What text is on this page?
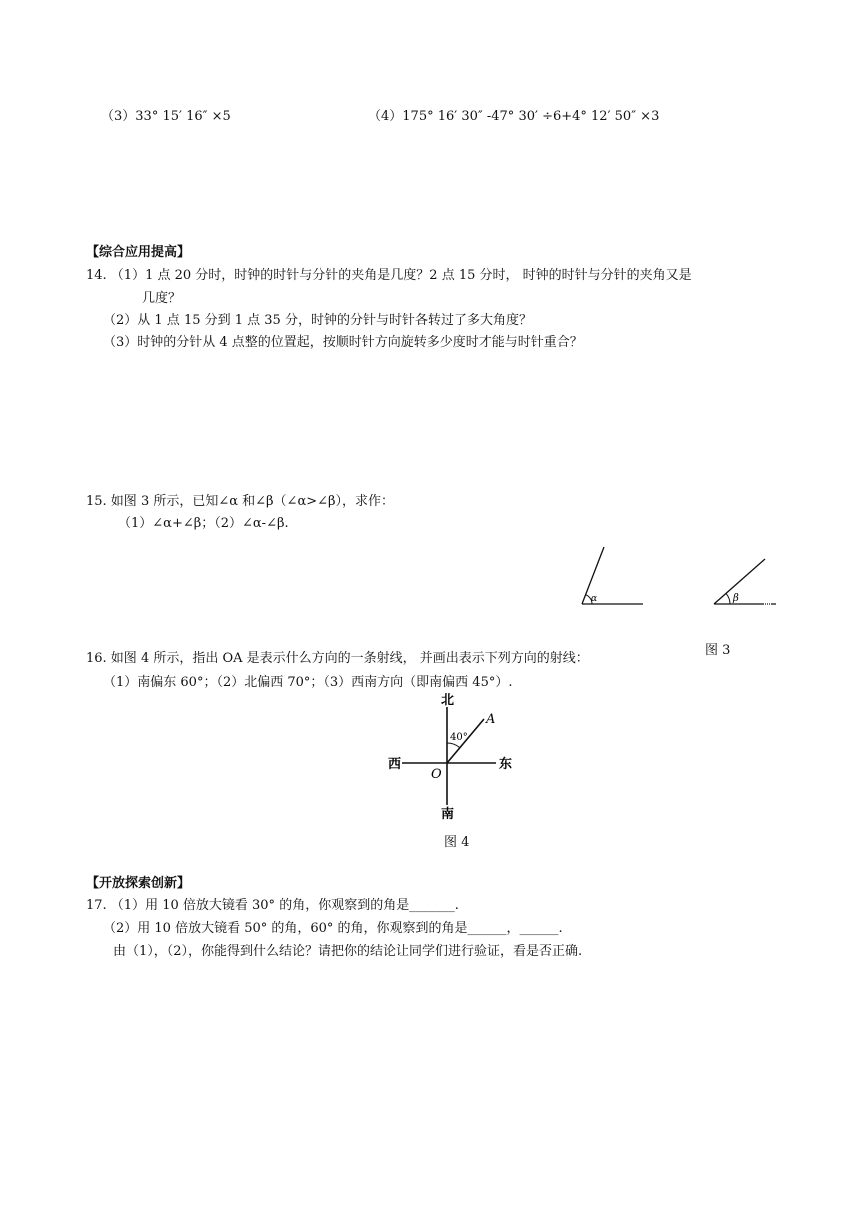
（3）33° 15′ 16″ ×5	（4）175° 16′ 30″ -47° 30′ ÷6+4° 12′ 50″ ×3
【综合应用提高】
14. （1）1 点 20 分时，时钟的时针与分针的夹角是几度？2 点 15 分时， 时钟的时针与分针的夹角又是
几度？
（2）从 1 点 15 分到 1 点 35 分，时钟的分针与时针各转过了多大角度？
（3）时钟的分针从 4 点整的位置起，按顺时针方向旋转多少度时才能与时针重合？
15. 如图 3 所示，已知∠α 和∠β（∠α>∠β），求作：
（1）∠α+∠β；（2）∠α-∠β.
α	β
图 3
16. 如图 4 所示，指出 OA 是表示什么方向的一条射线， 并画出表示下列方向的射线：
（1）南偏东 60°；（2）北偏西 70°；（3）西南方向（即南偏西 45°）.
北
南
西	东
O
A
40°
图 4
【开放探索创新】
17. （1）用 10 倍放大镜看 30° 的角，你观察到的角是_______.
（2）用 10 倍放大镜看 50° 的角，60° 的角，你观察到的角是______，______.
由（1），（2），你能得到什么结论？请把你的结论让同学们进行验证，看是否正确.
